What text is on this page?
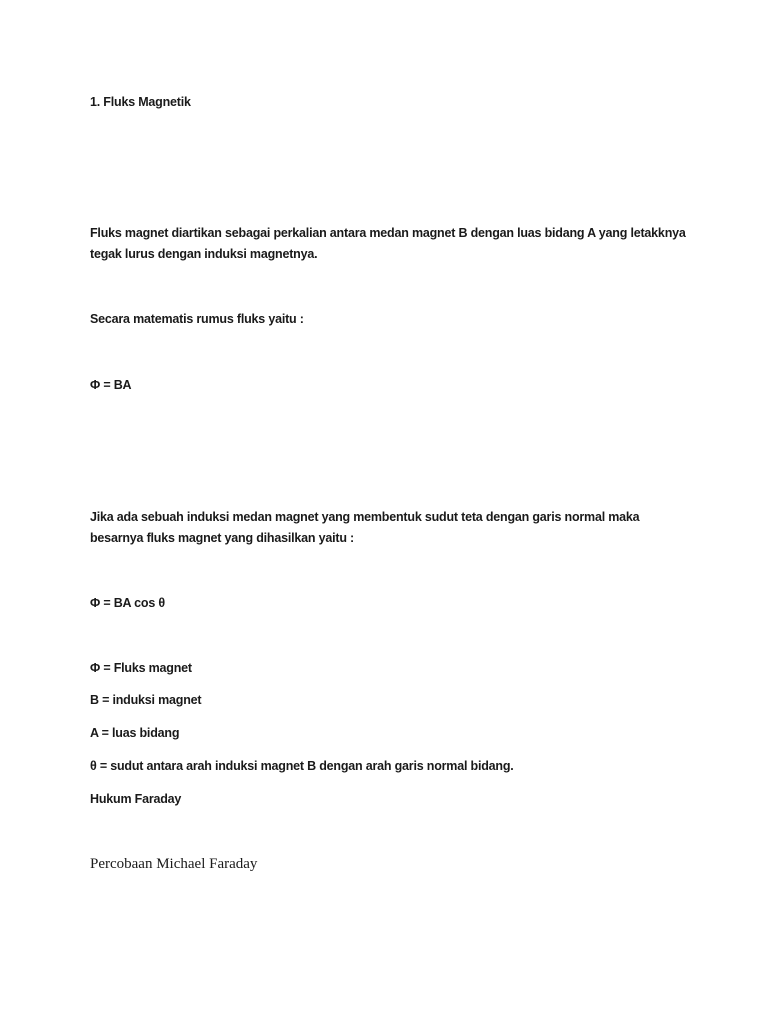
1. Fluks Magnetik

Fluks magnet diartikan sebagai perkalian antara medan magnet B dengan luas bidang A yang letakknya tegak lurus dengan induksi magnetnya.

Secara matematis rumus fluks yaitu :

Φ = BA

Jika ada sebuah induksi medan magnet yang membentuk sudut teta dengan garis normal maka besarnya fluks magnet yang dihasilkan yaitu :

Φ = BA cos θ

Φ = Fluks magnet

B = induksi magnet

A = luas bidang

θ = sudut antara arah induksi magnet B dengan arah garis normal bidang.

Hukum Faraday

Percobaan Michael Faraday
